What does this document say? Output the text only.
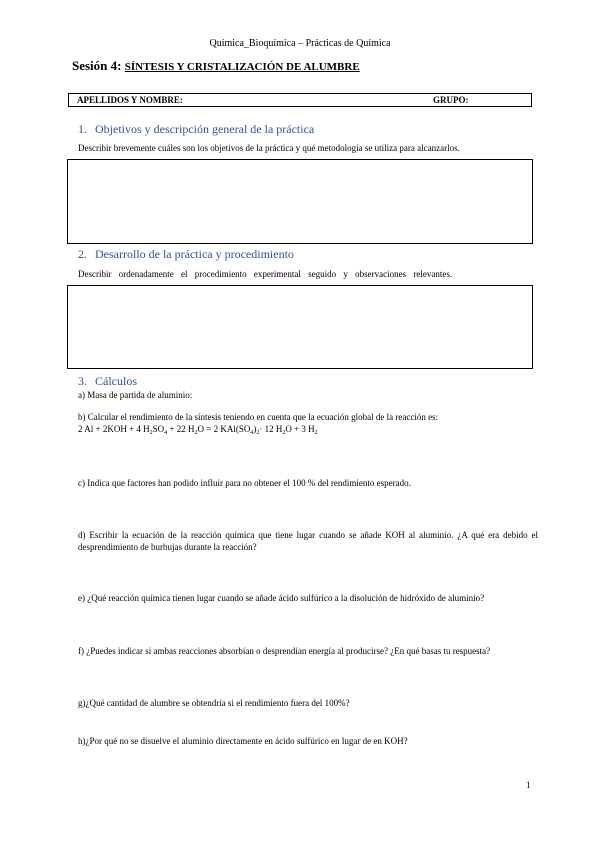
Química_Bioquímica – Prácticas de Química
Sesión 4: SÍNTESIS Y CRISTALIZACIÓN DE ALUMBRE
APELLIDOS Y NOMBRE:	GRUPO:
1. Objetivos y descripción general de la práctica
Describir brevemente cuáles son los objetivos de la práctica y qué metodología se utiliza para alcanzarlos.
2. Desarrollo de la práctica y procedimiento
Describir ordenadamente el procedimiento experimental seguido y observaciones relevantes.
3. Cálculos
a) Masa de partida de aluminio:
b) Calcular el rendimiento de la síntesis teniendo en cuenta que la ecuación global de la reacción es:
2 Al + 2KOH + 4 $H_2SO_4 + 22$ $H_2O = 2$ $KAl(SO_4)_2\cdot 12$ $H_2O + 3$ $H_2$
c) Indica que factores han podido influir para no obtener el 100 % del rendimiento esperado.
d) Escribir la ecuación de la reacción química que tiene lugar cuando se añade KOH al aluminio. ¿A qué era debido el desprendimiento de burbujas durante la reacción?
e) ¿Qué reacción química tienen lugar cuando se añade ácido sulfúrico a la disolución de hidróxido de aluminio?
f) ¿Puedes indicar si ambas reacciones absorbían o desprendían energía al producirse? ¿En qué basas tu respuesta?
g)¿Qué cantidad de alumbre se obtendría si el rendimiento fuera del 100%?
h)¿Por qué no se disuelve el aluminio directamente en ácido sulfúrico en lugar de en KOH?
1
